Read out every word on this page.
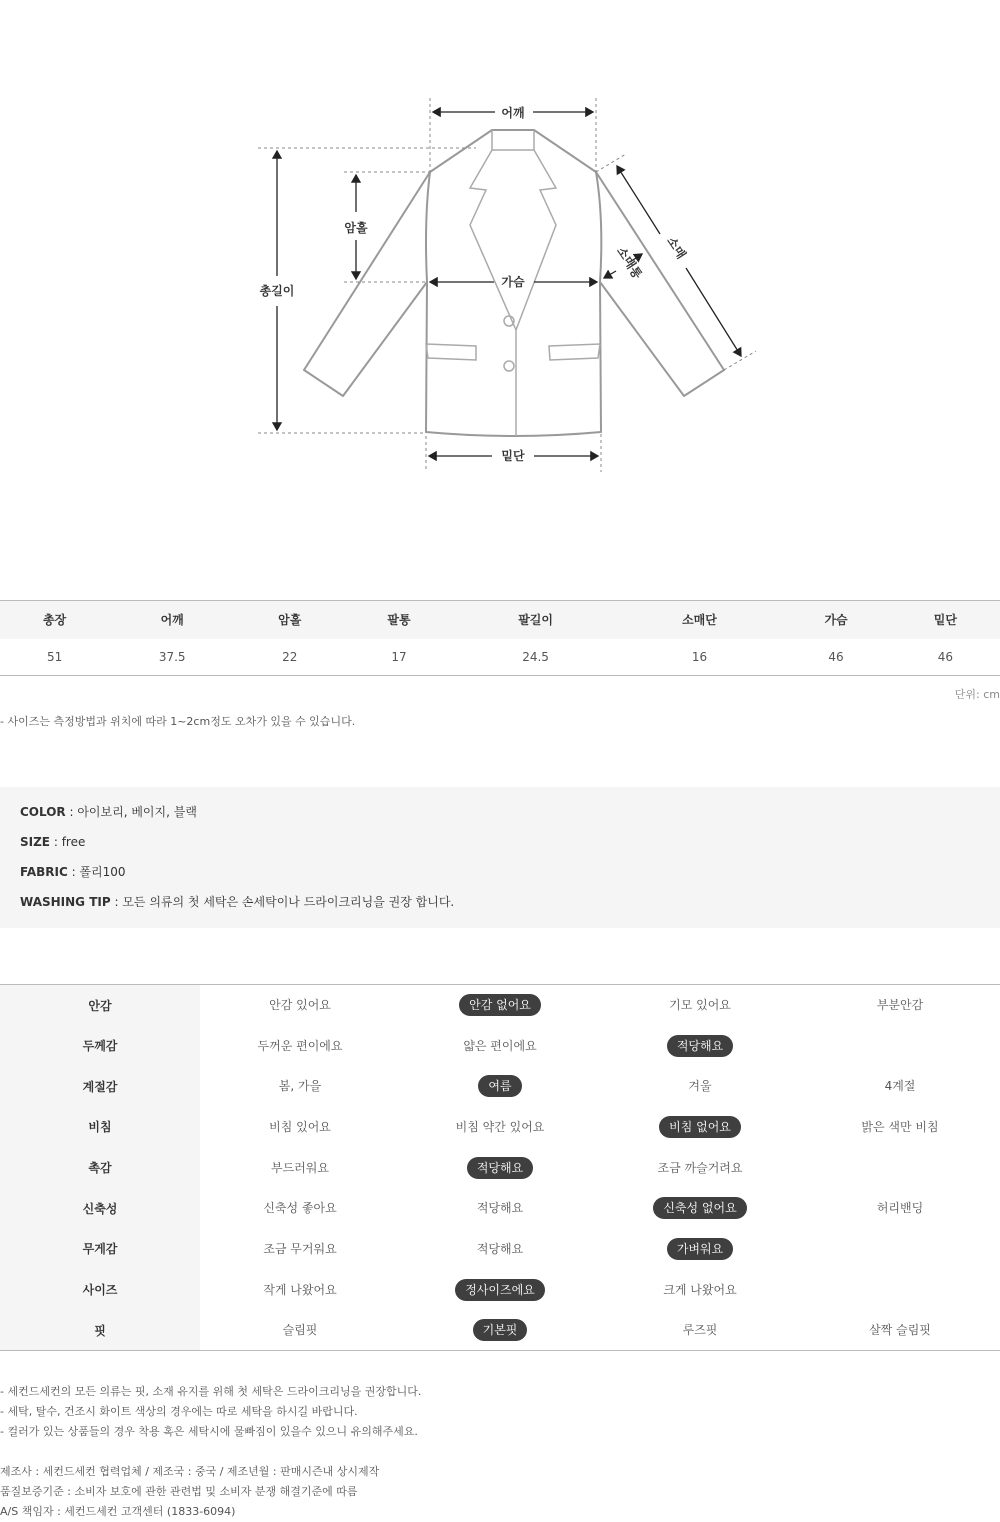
어깨
암홀
총길이
가슴
밑단
소매
소매통
총장	어깨	암홀	팔통	팔길이	소매단	가슴	밑단
51	37.5	22	17	24.5	16	46	46
단위: cm
- 사이즈는 측정방법과 위치에 따라 1~2cm정도 오차가 있을 수 있습니다.
COLOR : 아이보리, 베이지, 블랙
SIZE : free
FABRIC : 폴리100
WASHING TIP : 모든 의류의 첫 세탁은 손세탁이나 드라이크리닝을 권장 합니다.
안감	안감 있어요	안감 없어요	기모 있어요	부분안감
두께감	두꺼운 편이에요	얇은 편이에요	적당해요	
계절감	봄, 가을	여름	겨울	4계절
비침	비침 있어요	비침 약간 있어요	비침 없어요	밝은 색만 비침
촉감	부드러워요	적당해요	조금 까슬거려요	
신축성	신축성 좋아요	적당해요	신축성 없어요	허리밴딩
무게감	조금 무거워요	적당해요	가벼워요	
사이즈	작게 나왔어요	정사이즈에요	크게 나왔어요	
핏	슬림핏	기본핏	루즈핏	살짝 슬림핏
- 세컨드세컨의 모든 의류는 핏, 소재 유지를 위해 첫 세탁은 드라이크리닝을 권장합니다.
- 세탁, 탈수, 건조시 화이트 색상의 경우에는 따로 세탁을 하시길 바랍니다.
- 컬러가 있는 상품들의 경우 착용 혹은 세탁시에 물빠짐이 있을수 있으니 유의해주세요.
제조사 : 세컨드세컨 협력업체 / 제조국 : 중국 / 제조년월 : 판매시즌내 상시제작
품질보증기준 : 소비자 보호에 관한 관련법 및 소비자 분쟁 해결기준에 따름
A/S 책임자 : 세컨드세컨 고객센터 (1833-6094)
